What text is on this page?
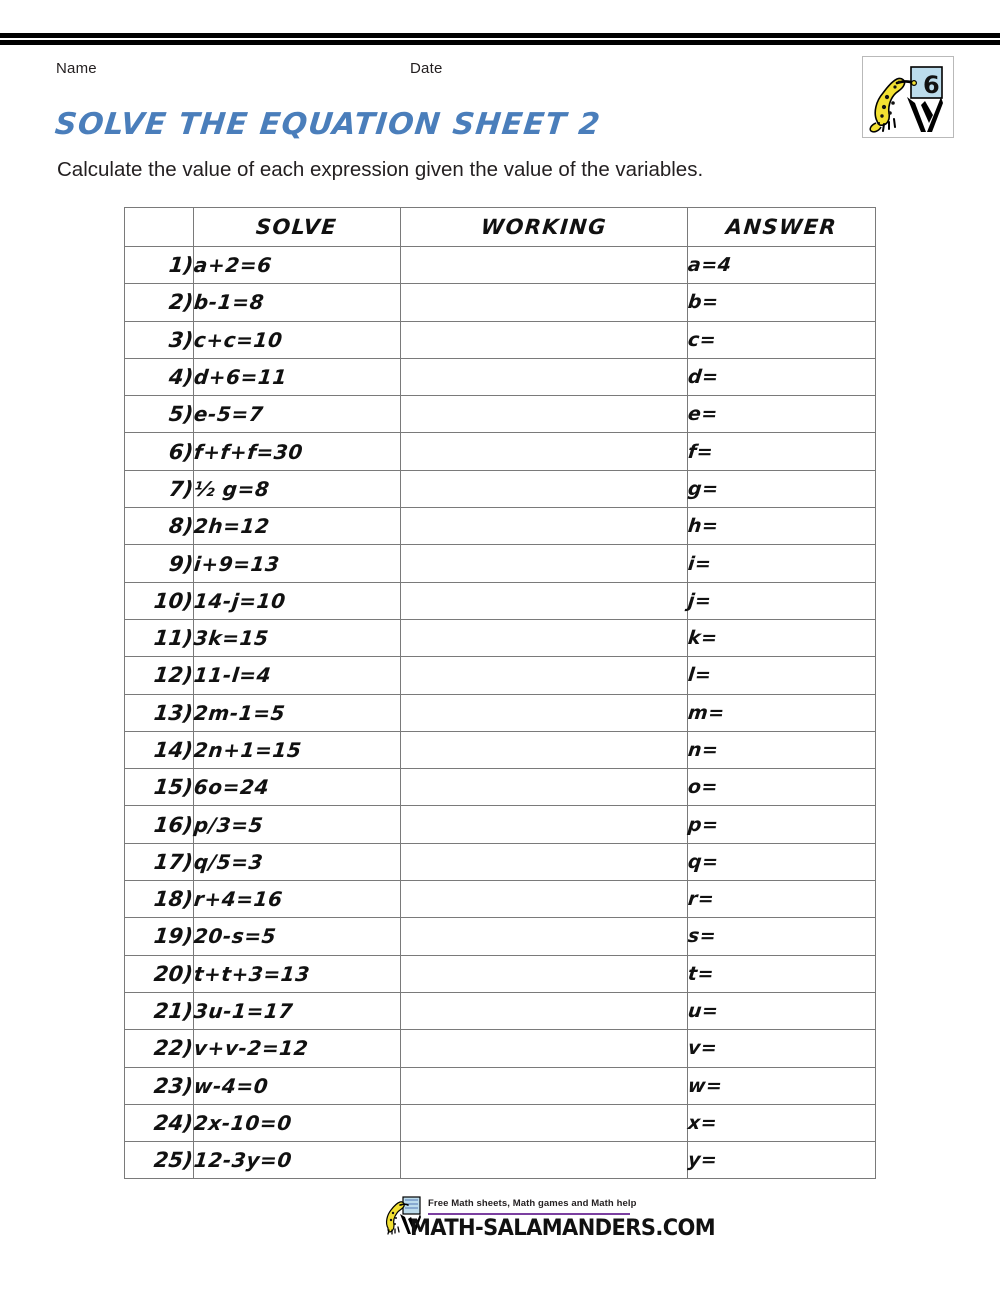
Name	Date
6
SOLVE THE EQUATION SHEET 2
Calculate the value of each expression given the value of the variables.
	SOLVE	WORKING	ANSWER
1)	a+2=6		a=4
2)	b-1=8		b=
3)	c+c=10		c=
4)	d+6=11		d=
5)	e-5=7		e=
6)	f+f+f=30		f=
7)	½ g=8		g=
8)	2h=12		h=
9)	i+9=13		i=
10)	14-j=10		j=
11)	3k=15		k=
12)	11-l=4		l=
13)	2m-1=5		m=
14)	2n+1=15		n=
15)	6o=24		o=
16)	p/3=5		p=
17)	q/5=3		q=
18)	r+4=16		r=
19)	20-s=5		s=
20)	t+t+3=13		t=
21)	3u-1=17		u=
22)	v+v-2=12		v=
23)	w-4=0		w=
24)	2x-10=0		x=
25)	12-3y=0		y=
Free Math sheets, Math games and Math help
MATH-SALAMANDERS.COM
